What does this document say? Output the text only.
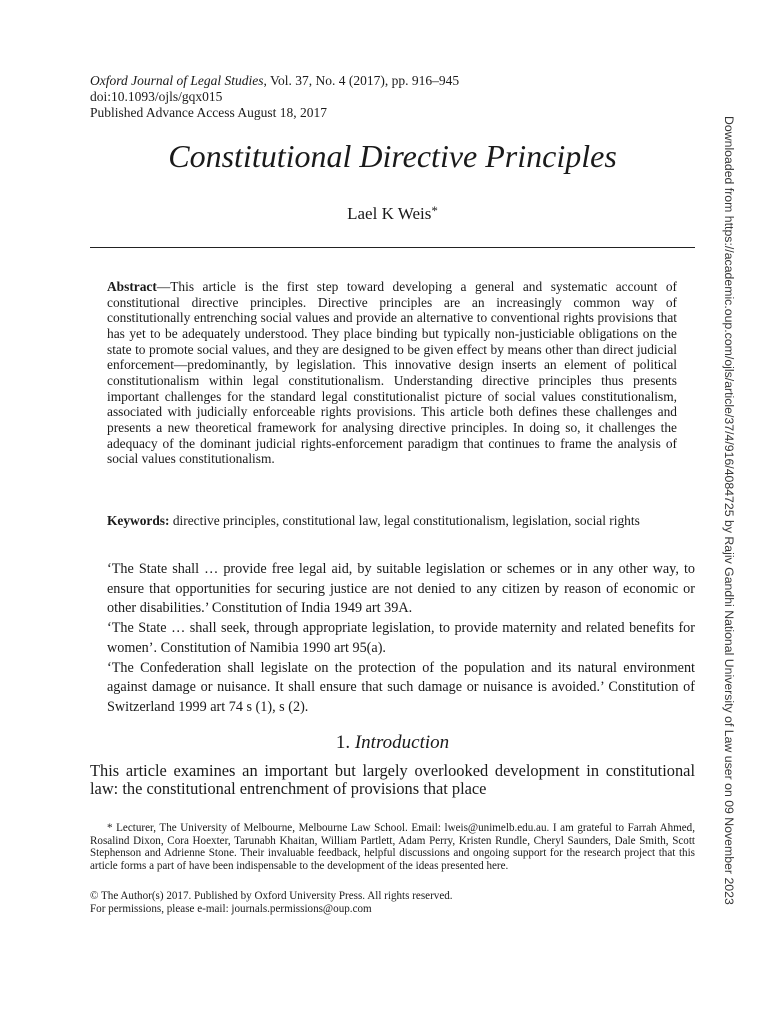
Oxford Journal of Legal Studies, Vol. 37, No. 4 (2017), pp. 916–945
doi:10.1093/ojls/gqx015
Published Advance Access August 18, 2017
Constitutional Directive Principles
Lael K Weis*
Abstract—This article is the first step toward developing a general and systematic account of constitutional directive principles. Directive principles are an increasingly common way of constitutionally entrenching social values and provide an alternative to conventional rights provisions that has yet to be adequately understood. They place binding but typically non-justiciable obligations on the state to promote social values, and they are designed to be given effect by means other than direct judicial enforcement—predominantly, by legislation. This innovative design inserts an element of political constitutionalism within legal constitutionalism. Understanding directive principles thus presents important challenges for the standard legal constitutionalist picture of social values constitutionalism, associated with judicially enforceable rights provisions. This article both defines these challenges and presents a new theoretical framework for analysing directive principles. In doing so, it challenges the adequacy of the dominant judicial rights-enforcement paradigm that continues to frame the analysis of social values constitutionalism.
Keywords: directive principles, constitutional law, legal constitutionalism, legislation, social rights

‘The State shall … provide free legal aid, by suitable legislation or schemes or in any other way, to ensure that opportunities for securing justice are not denied to any citizen by reason of economic or other disabilities.’ Constitution of India 1949 art 39A.

‘The State … shall seek, through appropriate legislation, to provide maternity and related benefits for women’. Constitution of Namibia 1990 art 95(a).

‘The Confederation shall legislate on the protection of the population and its natural environment against damage or nuisance. It shall ensure that such damage or nuisance is avoided.’ Constitution of Switzerland 1999 art 74 s (1), s (2).

1. Introduction
This article examines an important but largely overlooked development in constitutional law: the constitutional entrenchment of provisions that place
* Lecturer, The University of Melbourne, Melbourne Law School. Email: lweis@unimelb.edu.au. I am grateful to Farrah Ahmed, Rosalind Dixon, Cora Hoexter, Tarunabh Khaitan, William Partlett, Adam Perry, Kristen Rundle, Cheryl Saunders, Dale Smith, Scott Stephenson and Adrienne Stone. Their invaluable feedback, helpful discussions and ongoing support for the research project that this article forms a part of have been indispensable to the development of the ideas presented here.
© The Author(s) 2017. Published by Oxford University Press. All rights reserved.
For permissions, please e-mail: journals.permissions@oup.com
Downloaded from https://academic.oup.com/ojls/article/37/4/916/4084725 by Rajiv Gandhi National University of Law user on 09 November 2023
